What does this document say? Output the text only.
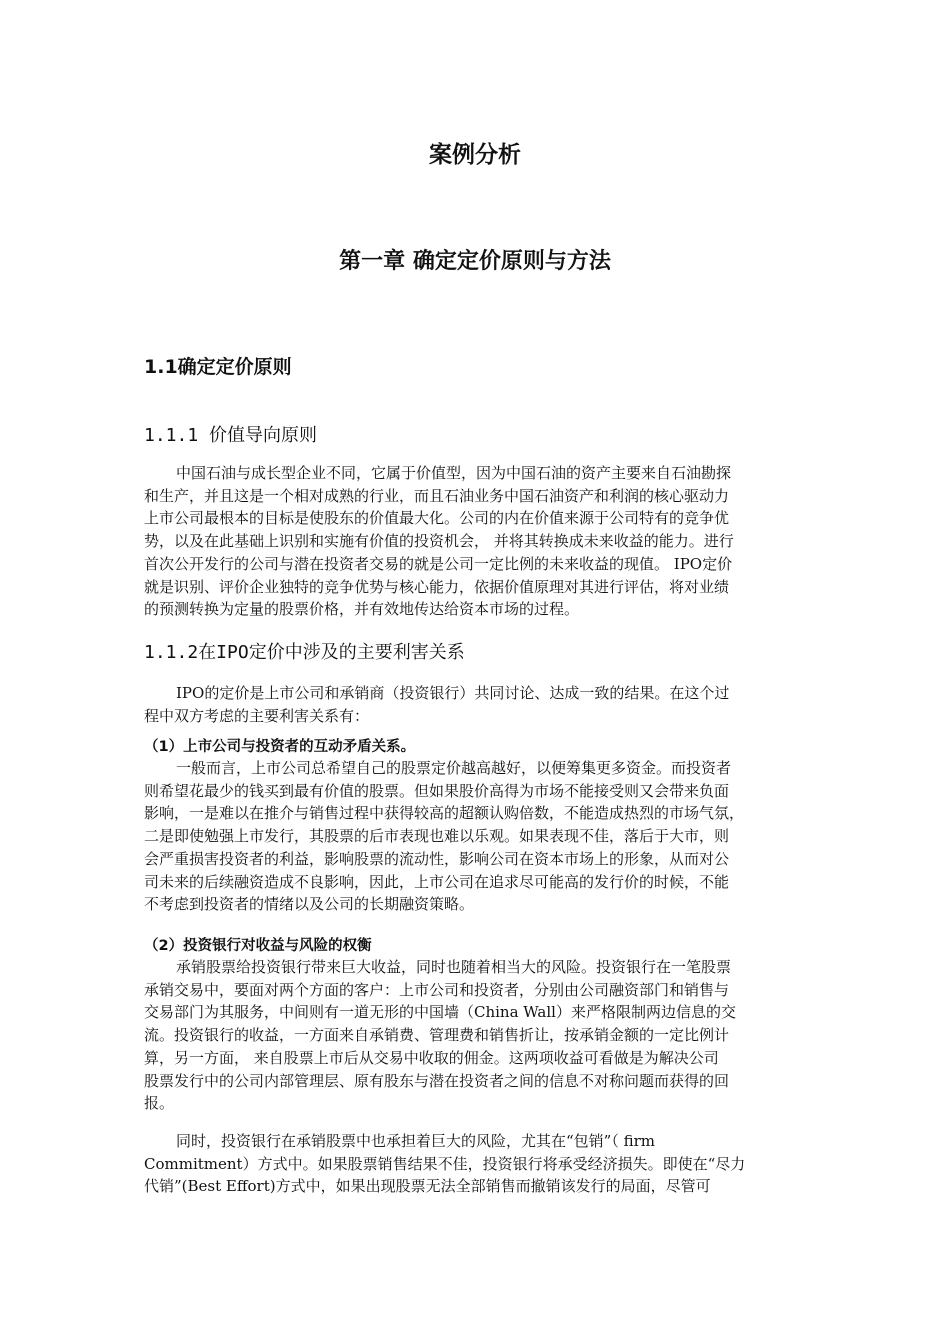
案例分析
第一章 确定定价原则与方法
1.1确定定价原则
1.1.1 价值导向原则
中国石油与成长型企业不同，它属于价值型，因为中国石油的资产主要来自石油勘探
和生产，并且这是一个相对成熟的行业，而且石油业务中国石油资产和利润的核心驱动力
上市公司最根本的目标是使股东的价值最大化。公司的内在价值来源于公司特有的竞争优
势，以及在此基础上识别和实施有价值的投资机会， 并将其转换成未来收益的能力。进行
首次公开发行的公司与潜在投资者交易的就是公司一定比例的未来收益的现值。 IPO定价
就是识别、评价企业独特的竞争优势与核心能力，依据价值原理对其进行评估，将对业绩
的预测转换为定量的股票价格，并有效地传达给资本市场的过程。
1.1.2在IPO定价中涉及的主要利害关系
IPO的定价是上市公司和承销商（投资银行）共同讨论、达成一致的结果。在这个过
程中双方考虑的主要利害关系有：
（1）上市公司与投资者的互动矛盾关系。
一般而言，上市公司总希望自己的股票定价越高越好，以便筹集更多资金。而投资者
则希望花最少的钱买到最有价值的股票。但如果股价高得为市场不能接受则又会带来负面
影响，一是难以在推介与销售过程中获得较高的超额认购倍数，不能造成热烈的市场气氛，
二是即使勉强上市发行，其股票的后市表现也难以乐观。如果表现不佳，落后于大市，则
会严重损害投资者的利益，影响股票的流动性，影响公司在资本市场上的形象，从而对公
司未来的后续融资造成不良影响，因此，上市公司在追求尽可能高的发行价的时候，不能
不考虑到投资者的情绪以及公司的长期融资策略。
（2）投资银行对收益与风险的权衡
承销股票给投资银行带来巨大收益，同时也随着相当大的风险。投资银行在一笔股票
承销交易中，要面对两个方面的客户：上市公司和投资者，分别由公司融资部门和销售与
交易部门为其服务，中间则有一道无形的中国墙（China Wall）来严格限制两边信息的交
流。投资银行的收益，一方面来自承销费、管理费和销售折让，按承销金额的一定比例计
算，另一方面， 来自股票上市后从交易中收取的佣金。这两项收益可看做是为解决公司
股票发行中的公司内部管理层、原有股东与潜在投资者之间的信息不对称问题而获得的回
报。
同时，投资银行在承销股票中也承担着巨大的风险，尤其在“包销”（ firm
Commitment）方式中。如果股票销售结果不佳，投资银行将承受经济损失。即使在“尽力
代销”(Best Effort)方式中，如果出现股票无法全部销售而撤销该发行的局面，尽管可
